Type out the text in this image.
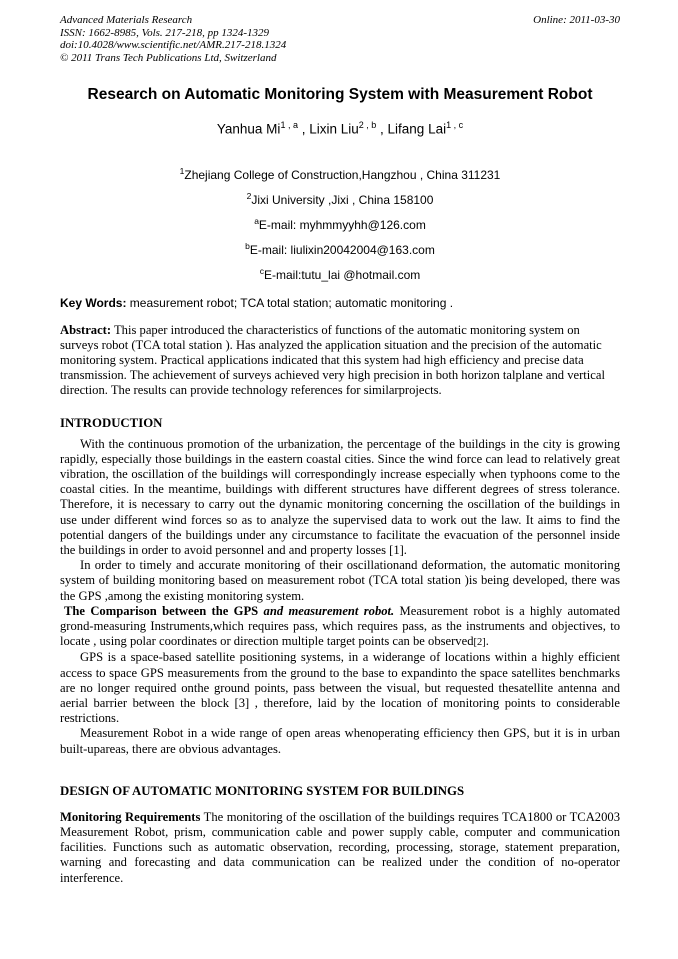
Advanced Materials Research
ISSN: 1662-8985, Vols. 217-218, pp 1324-1329
doi:10.4028/www.scientific.net/AMR.217-218.1324
© 2011 Trans Tech Publications Ltd, Switzerland
Online: 2011-03-30
Research on Automatic Monitoring System with Measurement Robot
Yanhua Mi$^{1 , a}$ , Lixin Liu$^{2 , b}$ , Lifang Lai$^{1 , c}$
$^1$Zhejiang College of Construction,Hangzhou , China 311231
$^2$Jixi University ,Jixi , China 158100
$^a$E-mail: myhmmyyhh@126.com
$^b$E-mail: liulixin20042004@163.com
$^c$E-mail:tutu_lai @hotmail.com
Key Words: measurement robot; TCA total station; automatic monitoring .

Abstract: This paper introduced the characteristics of functions of the automatic monitoring system on surveys robot (TCA total station ). Has analyzed the application situation and the precision of the automatic monitoring system. Practical applications indicated that this system had high efficiency and precise data transmission. The achievement of surveys achieved very high precision in both horizon talplane and vertical direction. The results can provide technology references for similarprojects.

INTRODUCTION

With the continuous promotion of the urbanization, the percentage of the buildings in the city is growing rapidly, especially those buildings in the eastern coastal cities. Since the wind force can lead to relatively great vibration, the oscillation of the buildings will correspondingly increase especially when typhoons come to the coastal cities. In the meantime, buildings with different structures have different degrees of stress tolerance. Therefore, it is necessary to carry out the dynamic monitoring concerning the oscillation of the buildings in use under different wind forces so as to analyze the supervised data to work out the law. It aims to find the potential dangers of the buildings under any circumstance to facilitate the evacuation of the personnel inside the buildings in order to avoid personnel and and property losses [1].

In order to timely and accurate monitoring of their oscillationand deformation, the automatic monitoring system of building monitoring based on measurement robot (TCA total station )is being developed, there was the GPS ,among the existing monitoring system.

The Comparison between the GPS and measurement robot. Measurement robot is a highly automated grond-measuring Instruments,which requires pass, which requires pass, as the instruments and objectives, to locate , using polar coordinates or direction multiple target points can be observed[2].

GPS is a space-based satellite positioning systems, in a widerange of locations within a highly efficient access to space GPS measurements from the ground to the base to expandinto the space satellites benchmarks are no longer required onthe ground points, pass between the visual, but requested thesatellite antenna and aerial barrier between the block [3] , therefore, laid by the location of monitoring points to considerable restrictions.

Measurement Robot in a wide range of open areas whenoperating efficiency then GPS, but it is in urban built-upareas, there are obvious advantages.

DESIGN OF AUTOMATIC MONITORING SYSTEM FOR BUILDINGS

Monitoring Requirements The monitoring of the oscillation of the buildings requires TCA1800 or TCA2003 Measurement Robot, prism, communication cable and power supply cable, computer and communication facilities. Functions such as automatic observation, recording, processing, storage, statement preparation, warning and forecasting and data communication can be realized under the condition of no-operator interference.
